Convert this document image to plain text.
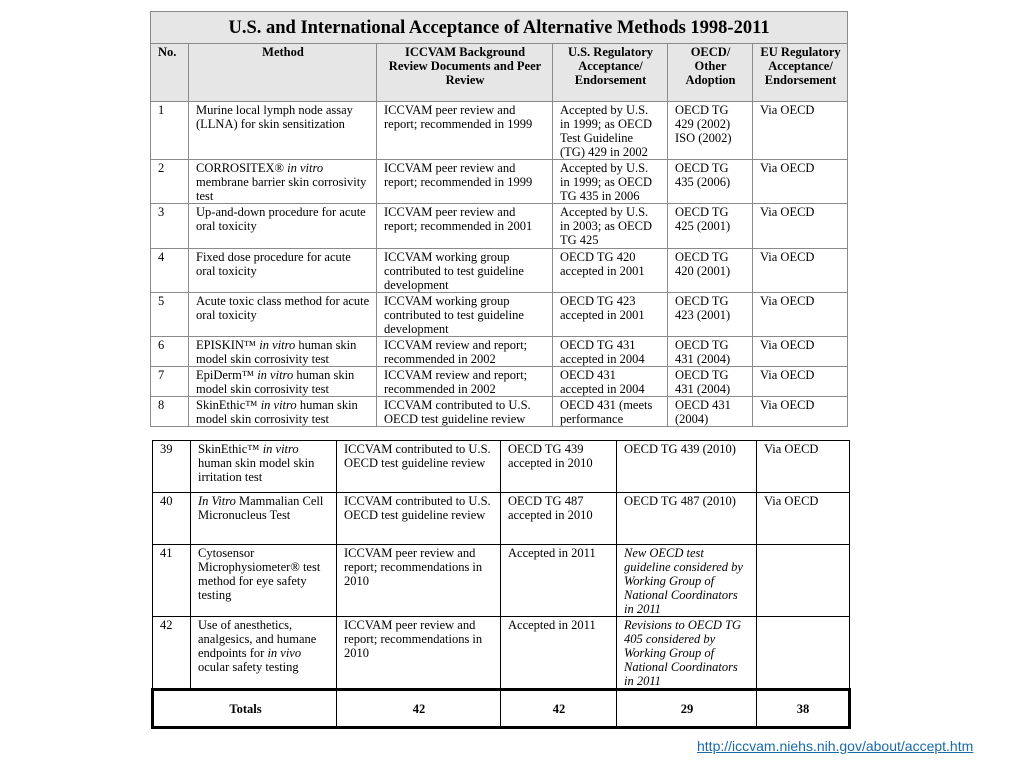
U.S. and International Acceptance of Alternative Methods 1998-2011					
No.	Method	ICCVAM Background Review Documents and Peer Review	U.S. Regulatory Acceptance/ Endorsement	OECD/ Other Adoption	EU Regulatory Acceptance/ Endorsement
1	Murine local lymph node assay (LLNA) for skin sensitization	ICCVAM peer review and report; recommended in 1999	Accepted by U.S. in 1999; as OECD Test Guideline (TG) 429 in 2002	OECD TG 429 (2002) ISO (2002)	Via OECD
2	CORROSITEX® in vitro membrane barrier skin corrosivity test	ICCVAM peer review and report; recommended in 1999	Accepted by U.S. in 1999; as OECD TG 435 in 2006	OECD TG 435 (2006)	Via OECD
3	Up-and-down procedure for acute oral toxicity	ICCVAM peer review and report; recommended in 2001	Accepted by U.S. in 2003; as OECD TG 425	OECD TG 425 (2001)	Via OECD
4	Fixed dose procedure for acute oral toxicity	ICCVAM working group contributed to test guideline development	OECD TG 420 accepted in 2001	OECD TG 420 (2001)	Via OECD
5	Acute toxic class method for acute oral toxicity	ICCVAM working group contributed to test guideline development	OECD TG 423 accepted in 2001	OECD TG 423 (2001)	Via OECD
6	EPISKIN™ in vitro human skin model skin corrosivity test	ICCVAM review and report; recommended in 2002	OECD TG 431 accepted in 2004	OECD TG 431 (2004)	Via OECD
7	EpiDerm™ in vitro human skin model skin corrosivity test	ICCVAM review and report; recommended in 2002	OECD 431 accepted in 2004	OECD TG 431 (2004)	Via OECD
8	SkinEthic™ in vitro human skin model skin corrosivity test	ICCVAM contributed to U.S. OECD test guideline review	OECD 431 (meets performance	OECD 431 (2004)	Via OECD
39	SkinEthic™ in vitro human skin model skin irritation test	ICCVAM contributed to U.S. OECD test guideline review	OECD TG 439 accepted in 2010	OECD TG 439 (2010)	Via OECD
40	In Vitro Mammalian Cell Micronucleus Test	ICCVAM contributed to U.S. OECD test guideline review	OECD TG 487 accepted in 2010	OECD TG 487 (2010)	Via OECD
41	Cytosensor Microphysiometer® test method for eye safety testing	ICCVAM peer review and report; recommendations in 2010	Accepted in 2011	New OECD test guideline considered by Working Group of National Coordinators in 2011	
42	Use of anesthetics, analgesics, and humane endpoints for in vivo ocular safety testing	ICCVAM peer review and report; recommendations in 2010	Accepted in 2011	Revisions to OECD TG 405 considered by Working Group of National Coordinators in 2011	
Totals		42	42	29	38
http://iccvam.niehs.nih.gov/about/accept.htm
